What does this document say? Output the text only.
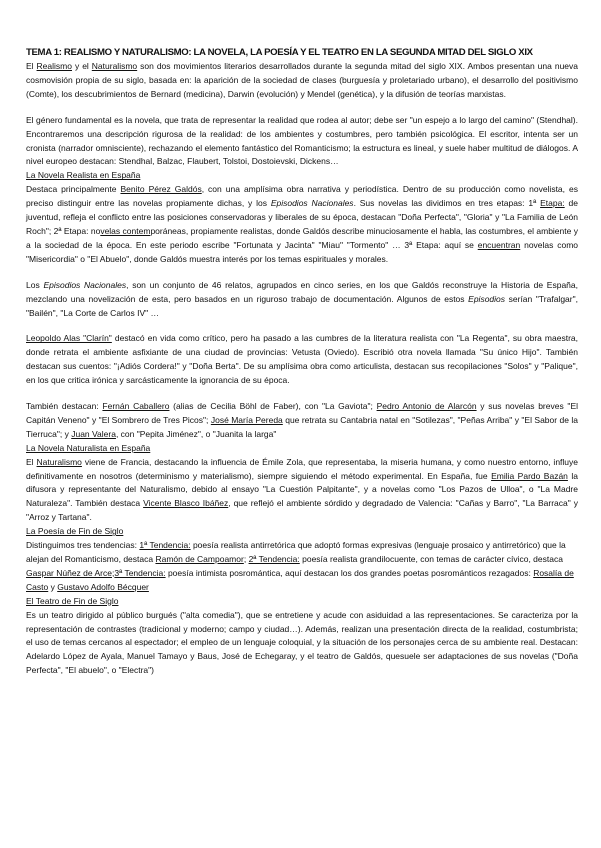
TEMA 1: REALISMO Y NATURALISMO: LA NOVELA, LA POESÍA Y EL TEATRO EN LA SEGUNDA MITAD DEL SIGLO XIX

El Realismo y el Naturalismo son dos movimientos literarios desarrollados durante la segunda mitad del siglo XIX. Ambos presentan una nueva cosmovisión propia de su siglo, basada en: la aparición de la sociedad de clases (burguesía y proletariado urbano), el desarrollo del positivismo (Comte), los descubrimientos de Bernard (medicina), Darwin (evolución) y Mendel (genética), y la difusión de teorías marxistas.

El género fundamental es la novela, que trata de representar la realidad que rodea al autor; debe ser "un espejo a lo largo del camino" (Stendhal). Encontraremos una descripción rigurosa de la realidad: de los ambientes y costumbres, pero también psicológica. El escritor, intenta ser un cronista (narrador omnisciente), rechazando el elemento fantástico del Romanticismo; la estructura es lineal, y suele haber multitud de diálogos. A nivel europeo destacan: Stendhal, Balzac, Flaubert, Tolstoi, Dostoievski, Dickens…

La Novela Realista en España

Destaca principalmente Benito Pérez Galdós, con una amplísima obra narrativa y periodística. Dentro de su producción como novelista, es preciso distinguir entre las novelas propiamente dichas, y los Episodios Nacionales. Sus novelas las dividimos en tres etapas: 1ª Etapa: de juventud, refleja el conflicto entre las posiciones conservadoras y liberales de su época, destacan "Doña Perfecta", "Gloria" y "La Familia de León Roch"; 2ª Etapa: novelas contemporáneas, propiamente realistas, donde Galdós describe minuciosamente el habla, las costumbres, el ambiente y a la sociedad de la época. En este periodo escribe "Fortunata y Jacinta" "Miau" "Tormento" … 3ª Etapa: aquí se encuentran novelas como "Misericordia" o "El Abuelo", donde Galdós muestra interés por los temas espirituales y morales.

Los Episodios Nacionales, son un conjunto de 46 relatos, agrupados en cinco series, en los que Galdós reconstruye la Historia de España, mezclando una novelización de esta, pero basados en un riguroso trabajo de documentación. Algunos de estos Episodios serían "Trafalgar", "Bailén", "La Corte de Carlos IV" …

Leopoldo Alas "Clarín" destacó en vida como crítico, pero ha pasado a las cumbres de la literatura realista con "La Regenta", su obra maestra, donde retrata el ambiente asfixiante de una ciudad de provincias: Vetusta (Oviedo). Escribió otra novela llamada "Su único Hijo". También destacan sus cuentos: "¡Adiós Cordera!" y "Doña Berta". De su amplísima obra como articulista, destacan sus recopilaciones "Solos" y "Palique", en los que critica irónica y sarcásticamente la ignorancia de su época.

También destacan: Fernán Caballero (alias de Cecilia Böhl de Faber), con "La Gaviota"; Pedro Antonio de Alarcón y sus novelas breves "El Capitán Veneno" y "El Sombrero de Tres Picos"; José María Pereda que retrata su Cantabria natal en "Sotilezas", "Peñas Arriba" y "El Sabor de la Tierruca"; y Juan Valera, con "Pepita Jiménez", o "Juanita la larga"

La Novela Naturalista en España

El Naturalismo viene de Francia, destacando la influencia de Émile Zola, que representaba, la miseria humana, y como nuestro entorno, influye definitivamente en nosotros (determinismo y materialismo), siempre siguiendo el método experimental. En España, fue Emilia Pardo Bazán la difusora y representante del Naturalismo, debido al ensayo "La Cuestión Palpitante", y a novelas como "Los Pazos de Ulloa", o "La Madre Naturaleza". También destaca Vicente Blasco Ibáñez, que reflejó el ambiente sórdido y degradado de Valencia: "Cañas y Barro", "La Barraca" y "Arroz y Tartana".

La Poesía de Fin de Siglo

Distinguimos tres tendencias: 1ª Tendencia: poesía realista antirretórica que adoptó formas expresivas (lenguaje prosaico y antirretórico) que la alejan del Romanticismo, destaca Ramón de Campoamor; 2ª Tendencia: poesía realista grandilocuente, con temas de carácter cívico, destaca Gaspar Núñez de Arce;3ª Tendencia: poesía intimista posromántica, aquí destacan los dos grandes poetas posrománticos rezagados: Rosalía de Casto y Gustavo Adolfo Bécquer

El Teatro de Fin de Siglo

Es un teatro dirigido al público burgués ("alta comedia"), que se entretiene y acude con asiduidad a las representaciones. Se caracteriza por la representación de contrastes (tradicional y moderno; campo y ciudad…). Además, realizan una presentación directa de la realidad, costumbrista; el uso de temas cercanos al espectador; el empleo de un lenguaje coloquial, y la situación de los personajes cerca de su ambiente real. Destacan: Adelardo López de Ayala, Manuel Tamayo y Baus, José de Echegaray, y el teatro de Galdós, quesuele ser adaptaciones de sus novelas ("Doña Perfecta", "El abuelo", o "Electra")
